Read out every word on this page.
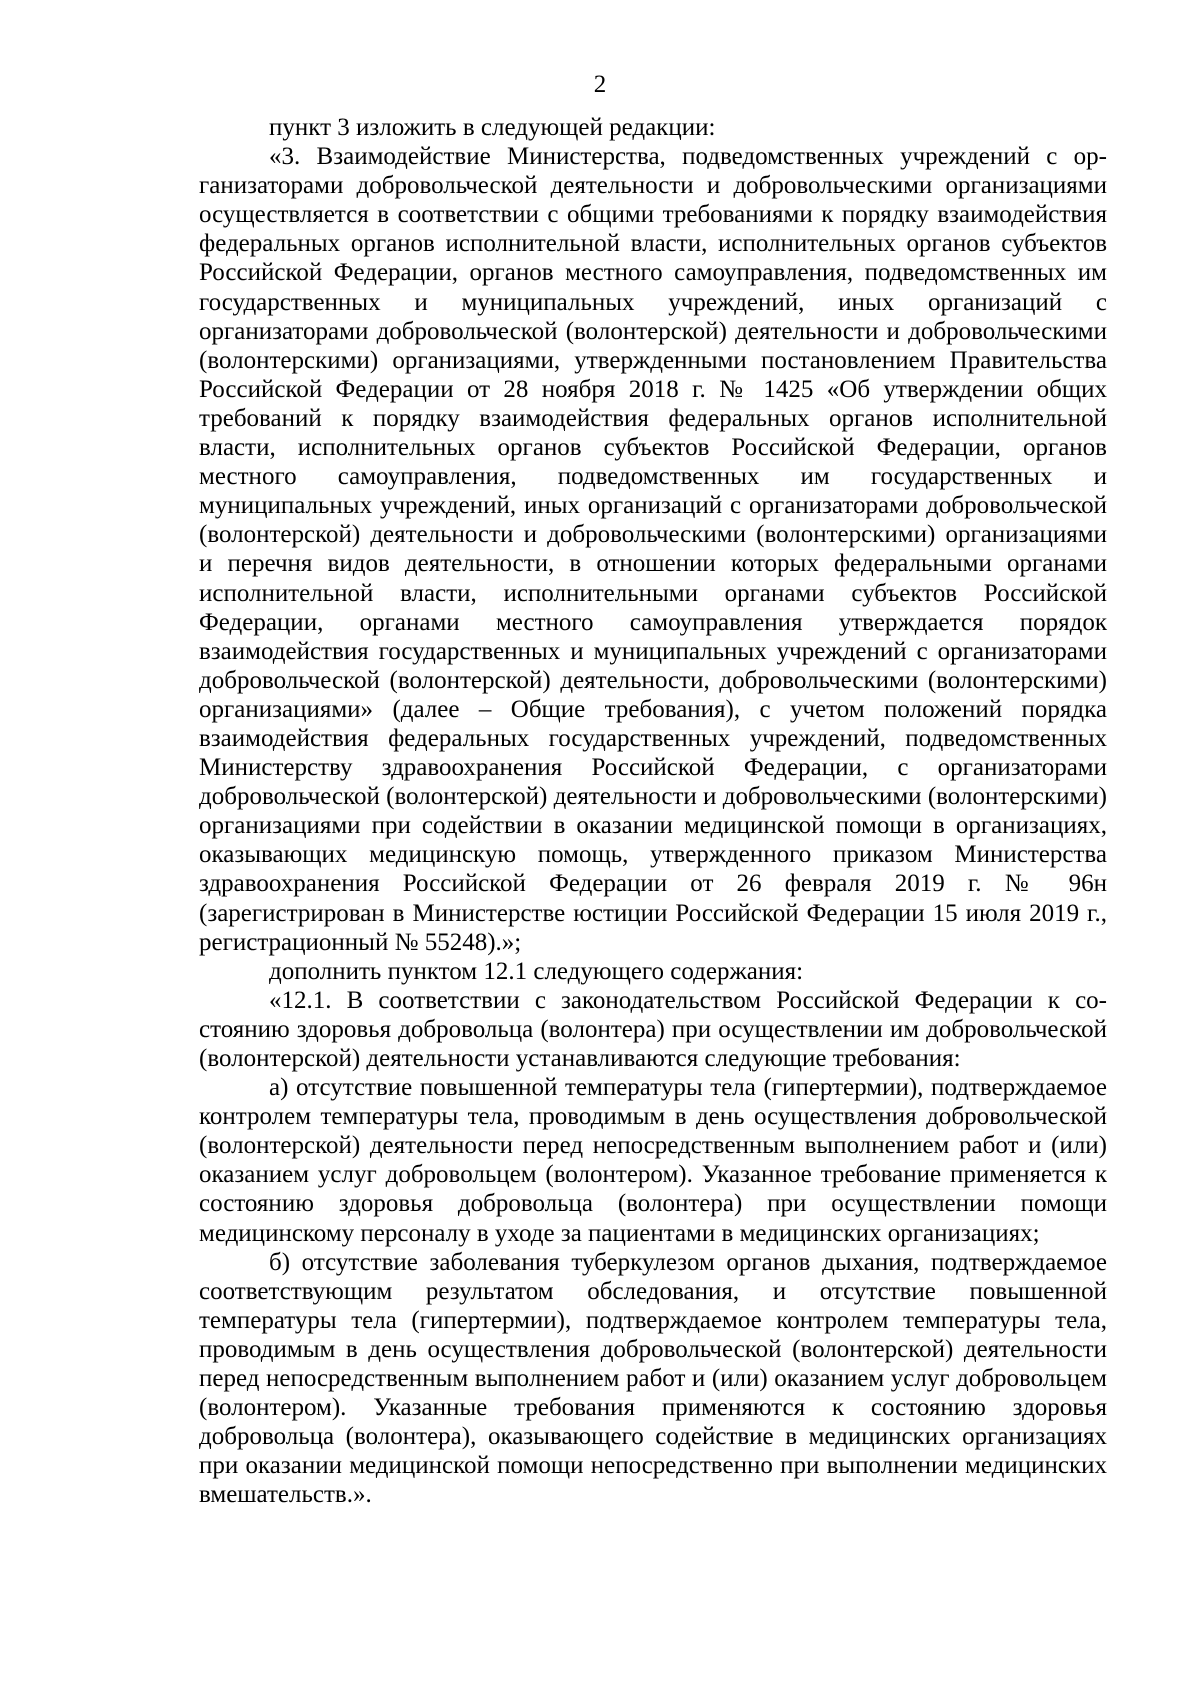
2

пункт 3 изложить в следующей редакции:

«3. Взаимодействие Министерства, подведомственных учреждений с организаторами добровольческой деятельности и добровольческими организациями осуществляется в соответствии с общими требованиями к порядку взаимодействия федеральных органов исполнительной власти, исполнительных органов субъектов Российской Федерации, органов местного самоуправления, подведомственных им государственных и муниципальных учреждений, иных организаций с организаторами добровольческой (волонтерской) деятельности и добровольческими (волонтерскими) организациями, утвержденными постановлением Правительства Российской Федерации от 28 ноября 2018 г. № 1425 «Об утверждении общих требований к порядку взаимодействия федеральных органов исполнительной власти, исполнительных органов субъектов Российской Федерации, органов местного самоуправления, подведомственных им государственных и муниципальных учреждений, иных организаций с организаторами добровольческой (волонтерской) деятельности и добровольческими (волонтерскими) организациями и перечня видов деятельности, в отношении которых федеральными органами исполнительной власти, исполнительными органами субъектов Российской Федерации, органами местного самоуправления утверждается порядок взаимодействия государственных и муниципальных учреждений с организаторами добровольческой (волонтерской) деятельности, добровольческими (волонтерскими) организациями» (далее – Общие требования), с учетом положений порядка взаимодействия федеральных государственных учреждений, подведомственных Министерству здравоохранения Российской Федерации, с организаторами добровольческой (волонтерской) деятельности и добровольческими (волонтерскими) организациями при содействии в оказании медицинской помощи в организациях, оказывающих медицинскую помощь, утвержденного приказом Министерства здравоохранения Российской Федерации от 26 февраля 2019 г. № 96н (зарегистрирован в Министерстве юстиции Российской Федерации 15 июля 2019 г., регистрационный № 55248).»;

дополнить пунктом 12.1 следующего содержания:

«12.1. В соответствии с законодательством Российской Федерации к состоянию здоровья добровольца (волонтера) при осуществлении им добровольческой (волонтерской) деятельности устанавливаются следующие требования:

а) отсутствие повышенной температуры тела (гипертермии), подтверждаемое контролем температуры тела, проводимым в день осуществления добровольческой (волонтерской) деятельности перед непосредственным выполнением работ и (или) оказанием услуг добровольцем (волонтером). Указанное требование применяется к состоянию здоровья добровольца (волонтера) при осуществлении помощи медицинскому персоналу в уходе за пациентами в медицинских организациях;

б) отсутствие заболевания туберкулезом органов дыхания, подтверждаемое соответствующим результатом обследования, и отсутствие повышенной температуры тела (гипертермии), подтверждаемое контролем температуры тела, проводимым в день осуществления добровольческой (волонтерской) деятельности перед непосредственным выполнением работ и (или) оказанием услуг добровольцем (волонтером). Указанные требования применяются к состоянию здоровья добровольца (волонтера), оказывающего содействие в медицинских организациях при оказании медицинской помощи непосредственно при выполнении медицинских вмешательств.».
